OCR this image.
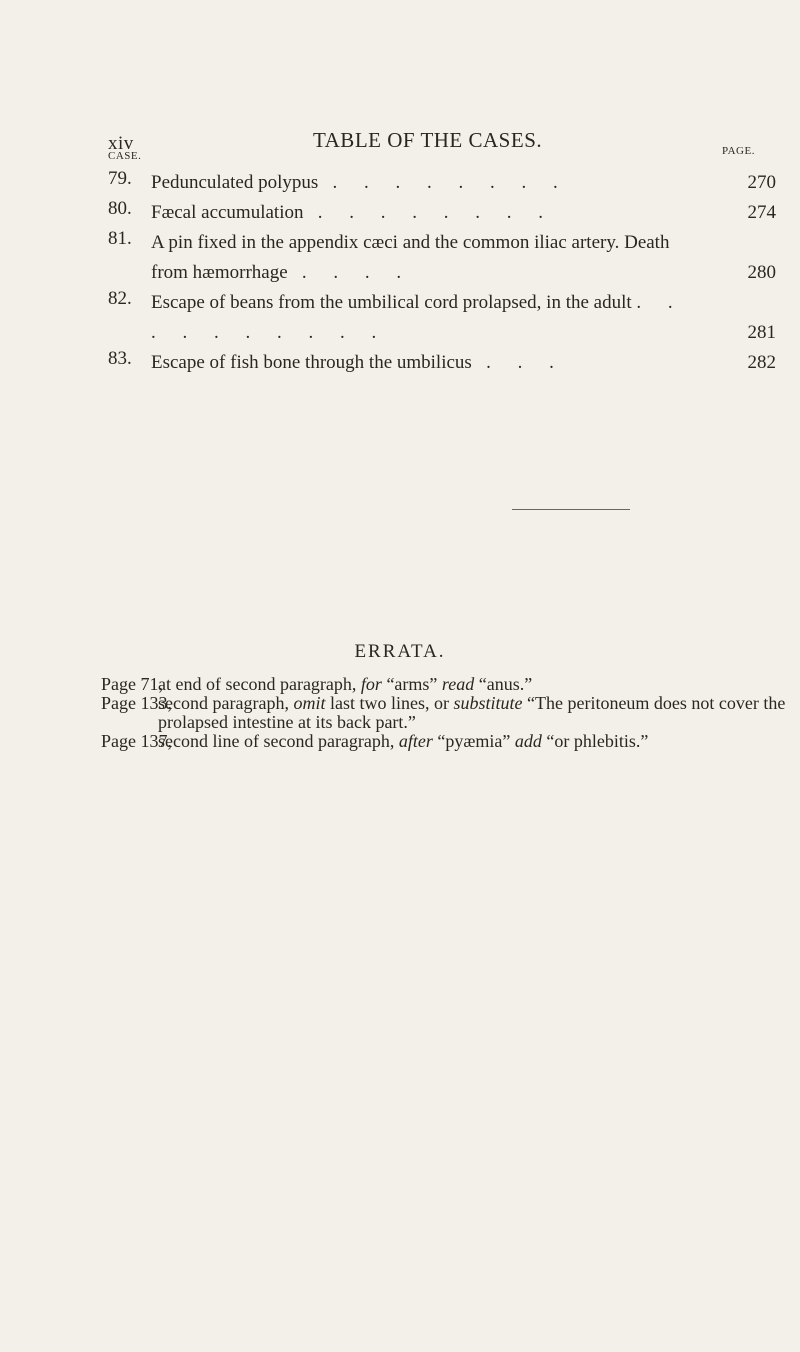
xiv	TABLE OF THE CASES.
CASE.	PAGE.
79. Pedunculated polypus . . . . . . . .	270
80. Fæcal accumulation . . . . . . . .	274
81. A pin fixed in the appendix cæci and the common iliac artery. Death from hæmorrhage . . . .	280
82. Escape of beans from the umbilical cord prolapsed, in the adult . . . . . . . . . .	281
83. Escape of fish bone through the umbilicus . . .	282
ERRATA.
Page 71,
at end of second paragraph, for “arms” read “anus.”
Page 133,
second paragraph, omit last two lines, or substitute “The peritoneum does not cover the prolapsed intestine at its back part.”
Page 137,
second line of second paragraph, after “pyæmia” add “or phlebitis.”
